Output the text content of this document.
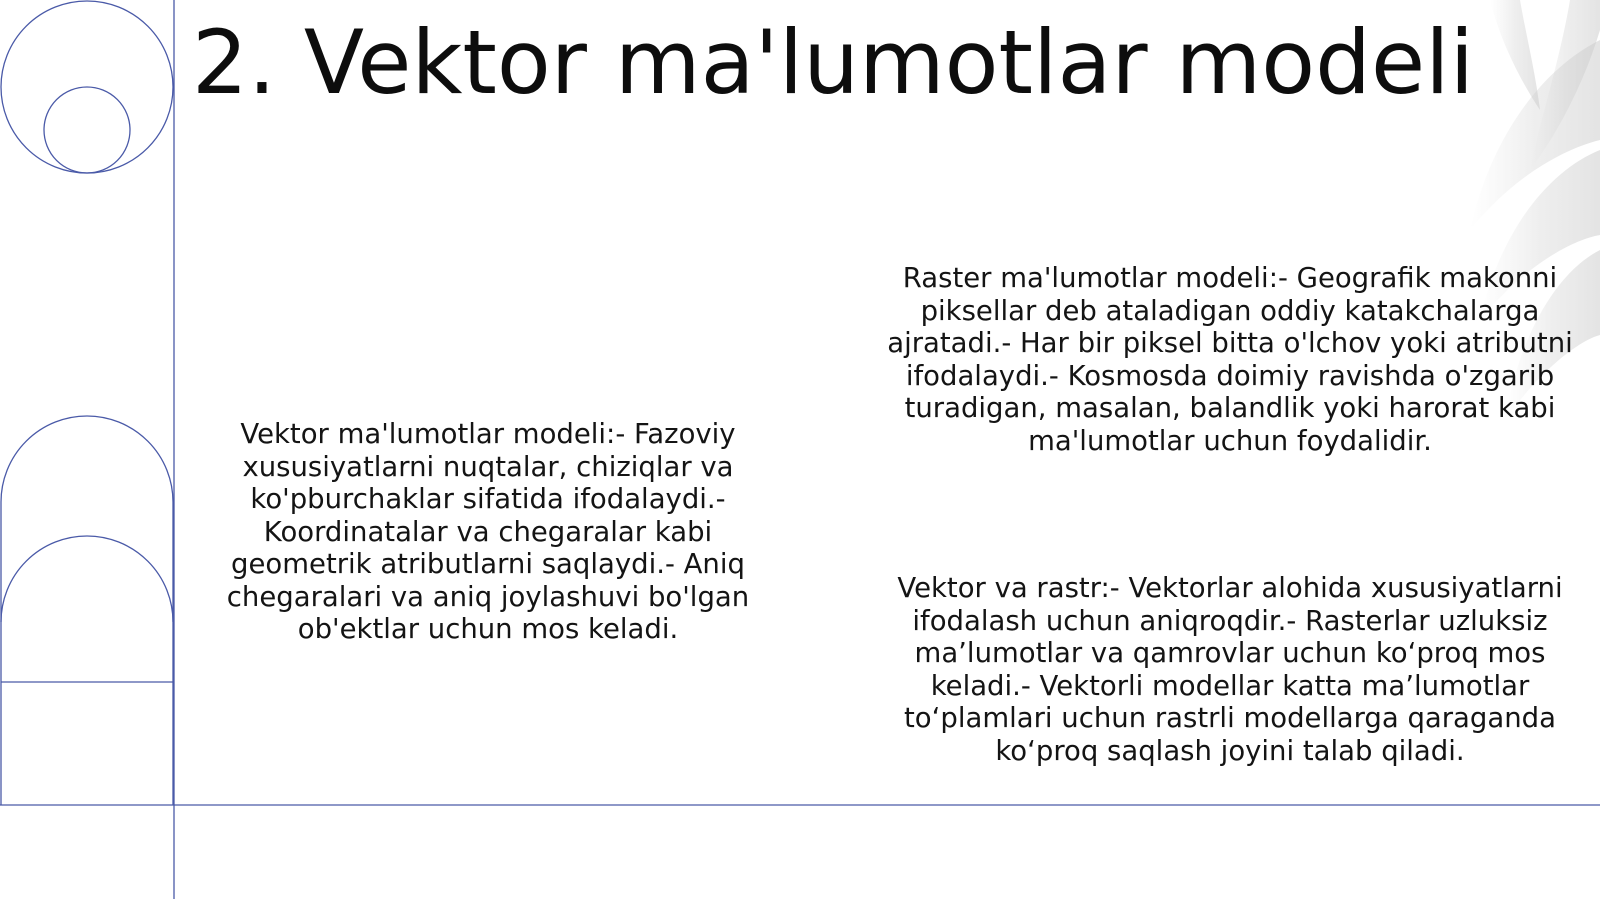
2. Vektor ma'lumotlar modeli

Vektor ma'lumotlar modeli:- Fazoviy xususiyatlarni nuqtalar, chiziqlar va ko'pburchaklar sifatida ifodalaydi.- Koordinatalar va chegaralar kabi geometrik atributlarni saqlaydi.- Aniq chegaralari va aniq joylashuvi bo'lgan ob'ektlar uchun mos keladi.

Raster ma'lumotlar modeli:- Geografik makonni piksellar deb ataladigan oddiy katakchalarga ajratadi.- Har bir piksel bitta o'lchov yoki atributni ifodalaydi.- Kosmosda doimiy ravishda o'zgarib turadigan, masalan, balandlik yoki harorat kabi ma'lumotlar uchun foydalidir.

Vektor va rastr:- Vektorlar alohida xususiyatlarni ifodalash uchun aniqroqdir.- Rasterlar uzluksiz ma’lumotlar va qamrovlar uchun ko‘proq mos keladi.- Vektorli modellar katta ma’lumotlar to‘plamlari uchun rastrli modellarga qaraganda ko‘proq saqlash joyini talab qiladi.
